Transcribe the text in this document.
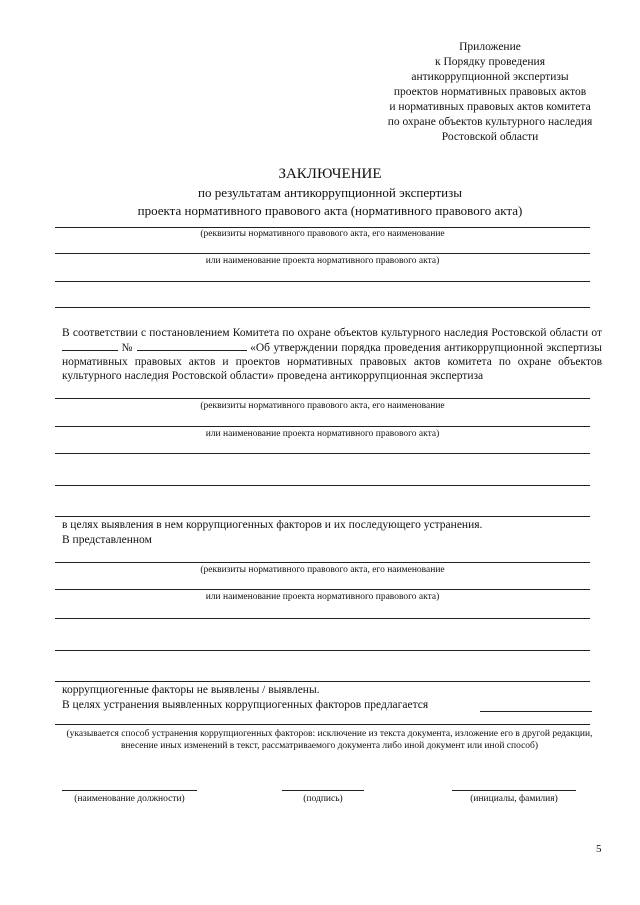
Приложение
к Порядку проведения
антикоррупционной экспертизы
проектов нормативных правовых актов
и нормативных правовых актов комитета
по охране объектов культурного наследия
Ростовской области
ЗАКЛЮЧЕНИЕ
по результатам антикоррупционной экспертизы
проекта нормативного правового акта (нормативного правового акта)
(реквизиты нормативного правового акта, его наименование
или наименование проекта нормативного правового акта)
В соответствии с постановлением Комитета по охране объектов культурного наследия Ростовской области от  №	«Об утверждении порядка проведения антикоррупционной экспертизы нормативных правовых актов и проектов нормативных правовых актов комитета по охране объектов культурного наследия Ростовской области» проведена антикоррупционная экспертиза
(реквизиты нормативного правового акта, его наименование
или наименование проекта нормативного правового акта)
в целях выявления в нем коррупциогенных факторов и их последующего устранения.
В представленном
(реквизиты нормативного правового акта, его наименование
или наименование проекта нормативного правового акта)
коррупциогенные факторы не выявлены / выявлены.
В целях устранения выявленных коррупциогенных факторов предлагается
(указывается способ устранения коррупциогенных факторов: исключение из текста документа, изложение его в другой редакции, внесение иных изменений в текст, рассматриваемого документа либо иной документ или иной способ)
(наименование должности)	(подпись)	(инициалы, фамилия)
5
